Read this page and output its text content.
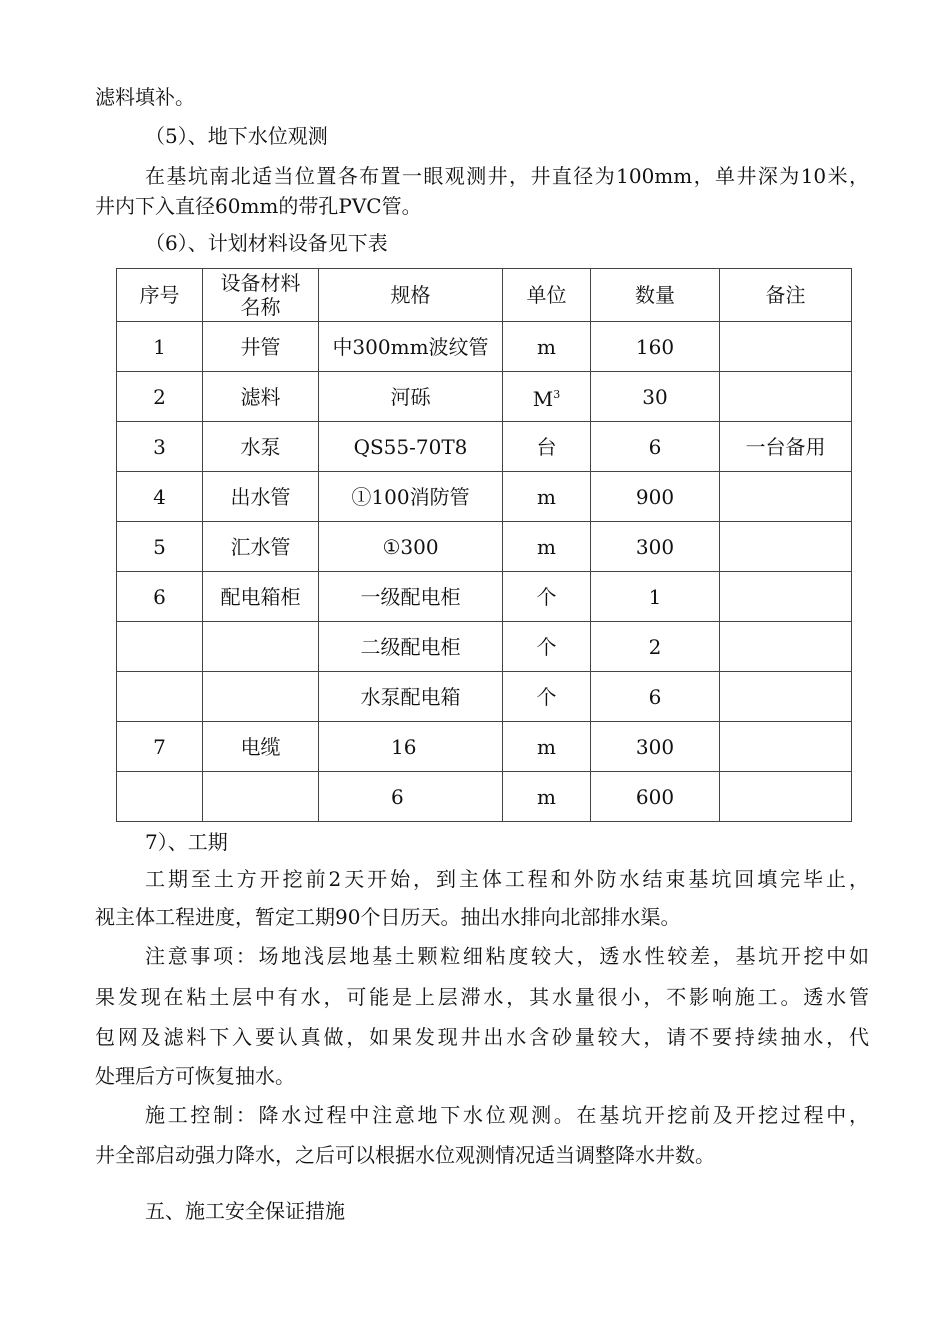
滤料填补。
（5）、地下水位观测
在基坑南北适当位置各布置一眼观测井，井直径为100mm，单井深为10米，
井内下入直径60mm的带孔PVC管。
（6）、计划材料设备见下表
序号	设备材料
名称	规格	单位	数量	备注
1	井管	中300mm波纹管	m	160	
2	滤料	河砾	$M^3$	30	
3	水泵	QS55-70T8	台	6	一台备用
4	出水管	①100消防管	m	900	
5	汇水管	①300	m	300	
6	配电箱柜	一级配电柜	个	1	
		二级配电柜	个	2	
		水泵配电箱	个	6	
7	电缆	16	m	300	
		6	m	600	
7）、工期
工期至土方开挖前2天开始，到主体工程和外防水结束基坑回填完毕止，
视主体工程进度，暂定工期90个日历天。抽出水排向北部排水渠。
注意事项：场地浅层地基土颗粒细粘度较大，透水性较差，基坑开挖中如
果发现在粘土层中有水，可能是上层滞水，其水量很小，不影响施工。透水管
包网及滤料下入要认真做，如果发现井出水含砂量较大，请不要持续抽水，代
处理后方可恢复抽水。
施工控制：降水过程中注意地下水位观测。在基坑开挖前及开挖过程中，
井全部启动强力降水，之后可以根据水位观测情况适当调整降水井数。
五、施工安全保证措施
